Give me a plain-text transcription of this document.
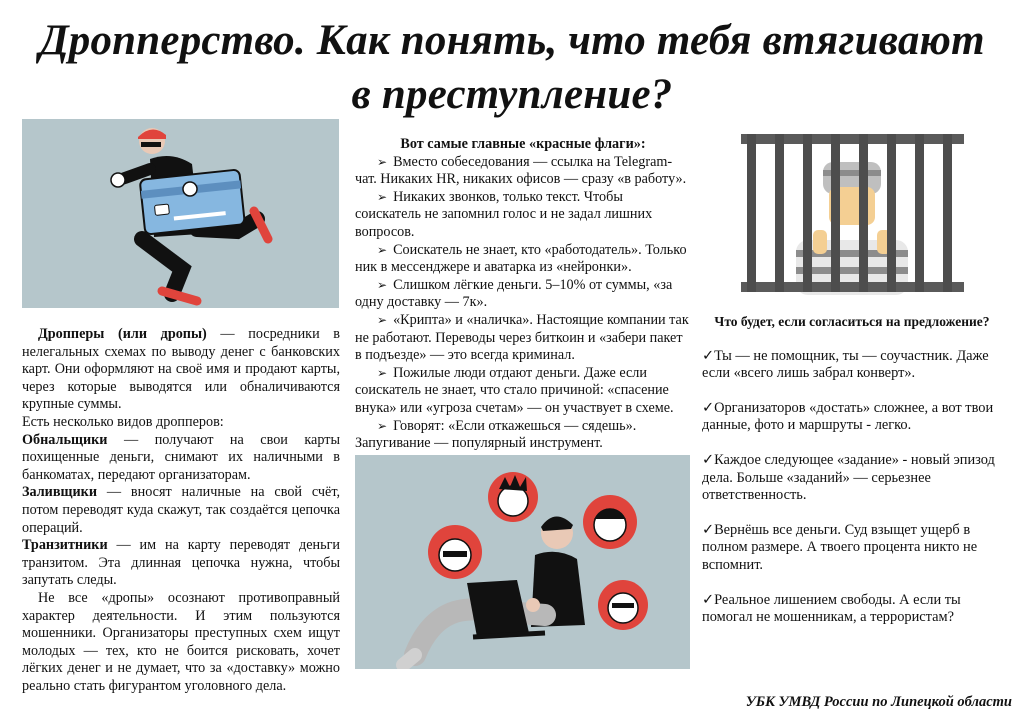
Дропперство. Как понять, что тебя втягивают
в преступление?

Дропперы (или дропы) — посредники в нелегальных схемах по выводу денег с банковских карт. Они оформляют на своё имя и продают карты, через которые выводятся или обналичиваются крупные суммы.

Есть несколько видов дропперов:

Обнальщики — получают на свои карты похищенные деньги, снимают их наличными в банкоматах, передают организаторам.

Заливщики — вносят наличные на свой счёт, потом переводят куда скажут, так создаётся цепочка операций.

Транзитники — им на карту переводят деньги транзитом. Эта длинная цепочка нужна, чтобы запутать следы.

Не все «дропы» осознают противоправный характер деятельности. И этим пользуются мошенники. Организаторы преступных схем ищут молодых — тех, кто не боится рисковать, хочет лёгких денег и не думает, что за «доставку» можно реально стать фигурантом уголовного дела.

Вот самые главные «красные флаги»:

➢ Вместо собеседования — ссылка на Telegram-чат. Никаких HR, никаких офисов — сразу «в работу».

➢ Никаких звонков, только текст. Чтобы соискатель не запомнил голос и не задал лишних вопросов.

➢ Соискатель не знает, кто «работодатель». Только ник в мессенджере и аватарка из «нейронки».

➢ Слишком лёгкие деньги. 5–10% от суммы, «за одну доставку — 7к».

➢ «Крипта» и «наличка». Настоящие компании так не работают. Переводы через биткоин и «забери пакет в подъезде» — это всегда криминал.

➢ Пожилые люди отдают деньги. Даже если соискатель не знает, что стало причиной: «спасение внука» или «угроза счетам» — он участвует в схеме.

➢ Говорят: «Если откажешься — сядешь». Запугивание — популярный инструмент.

Что будет, если согласиться на предложение?

✓Ты — не помощник, ты — соучастник. Даже если «всего лишь забрал конверт».

✓Организаторов «достать» сложнее, а вот твои данные, фото и маршруты - легко.

✓Каждое следующее «задание» - новый эпизод дела. Больше «заданий» — серьезнее ответственность.

✓Вернёшь все деньги. Суд взыщет ущерб в полном размере. А твоего процента никто не вспомнит.

✓Реальное лишением свободы. А если ты помогал не мошенникам, а террористам?

УБК УМВД России по Липецкой области
